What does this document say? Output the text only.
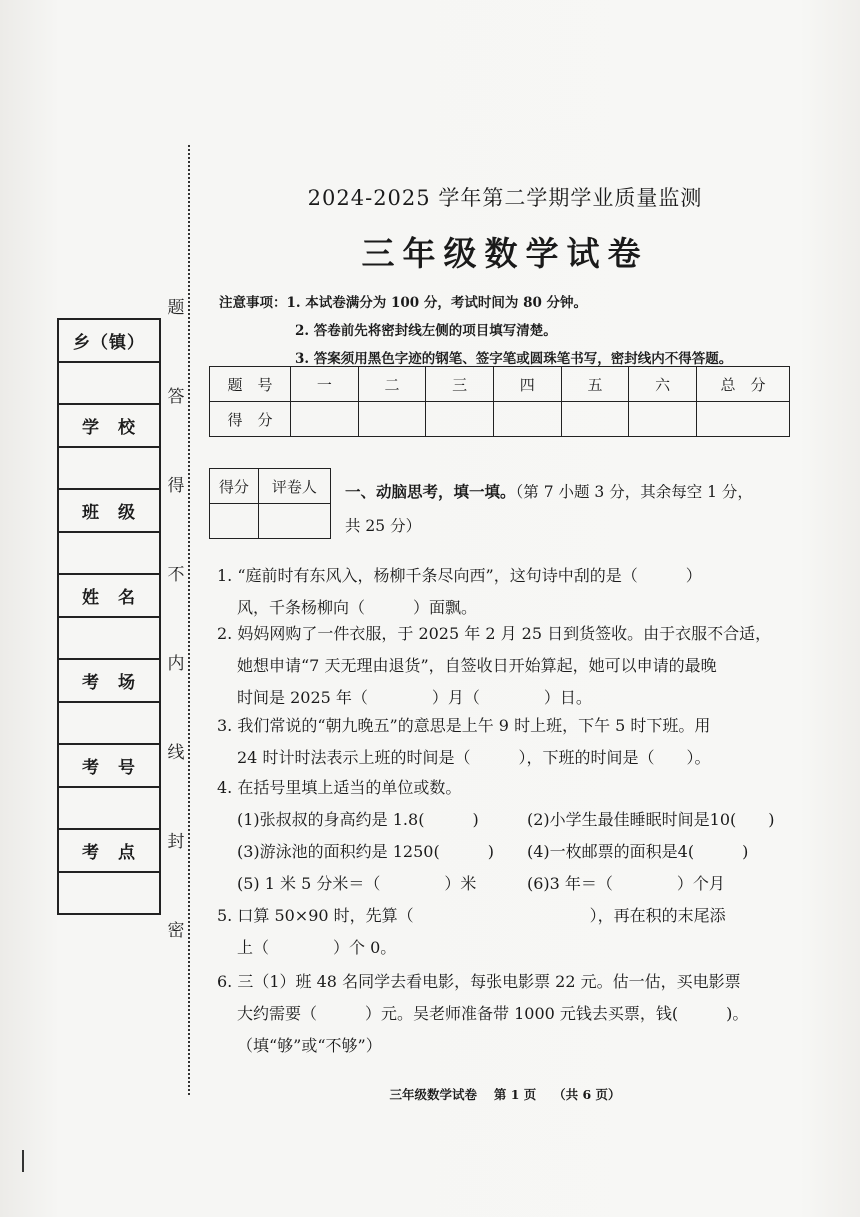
乡（镇）

学　校

班　级

姓　名

考　场

考　号

考　点

题
答
得
不
内
线
封
密
2024-2025 学年第二学期学业质量监测
三年级数学试卷
注意事项：1. 本试卷满分为 100 分，考试时间为 80 分钟。
2. 答卷前先将密封线左侧的项目填写清楚。
3. 答案须用黑色字迹的钢笔、签字笔或圆珠笔书写，密封线内不得答题。
题　号	一	二	三	四	五	六	总　分
得　分							
得分	评卷人
	一、动脑思考，填一填。（第 7 小题 3 分，其余每空 1 分，
共 25 分）
1. “庭前时有东风入，杨柳千条尽向西”，这句诗中刮的是（　　　）
风，千条杨柳向（　　　）面飘。
2. 妈妈网购了一件衣服，于 2025 年 2 月 25 日到货签收。由于衣服不合适，
她想申请“7 天无理由退货”，自签收日开始算起，她可以申请的最晚
时间是 2025 年（　　　　）月（　　　　）日。
3. 我们常说的“朝九晚五”的意思是上午 9 时上班，下午 5 时下班。用
24 时计时法表示上班的时间是（　　　），下班的时间是（　　）。
4. 在括号里填上适当的单位或数。
(1)张叔叔的身高约是 1.8(　　　)	(2)小学生最佳睡眠时间是10(　　)
(3)游泳池的面积约是 1250(　　　) (4)一枚邮票的面积是4(　　　)
(5) 1 米 5 分米＝（　　　　）米	(6)3 年＝（　　　　）个月
5. 口算 50×90 时，先算（　　　　　　　　　　　），再在积的末尾添
上（　　　　）个 0。
6. 三（1）班 48 名同学去看电影，每张电影票 22 元。估一估，买电影票
大约需要（　　　）元。吴老师准备带 1000 元钱去买票，钱(　　　)。
（填“够”或“不够”）
三年级数学试卷　 第 1 页　 （共 6 页）
